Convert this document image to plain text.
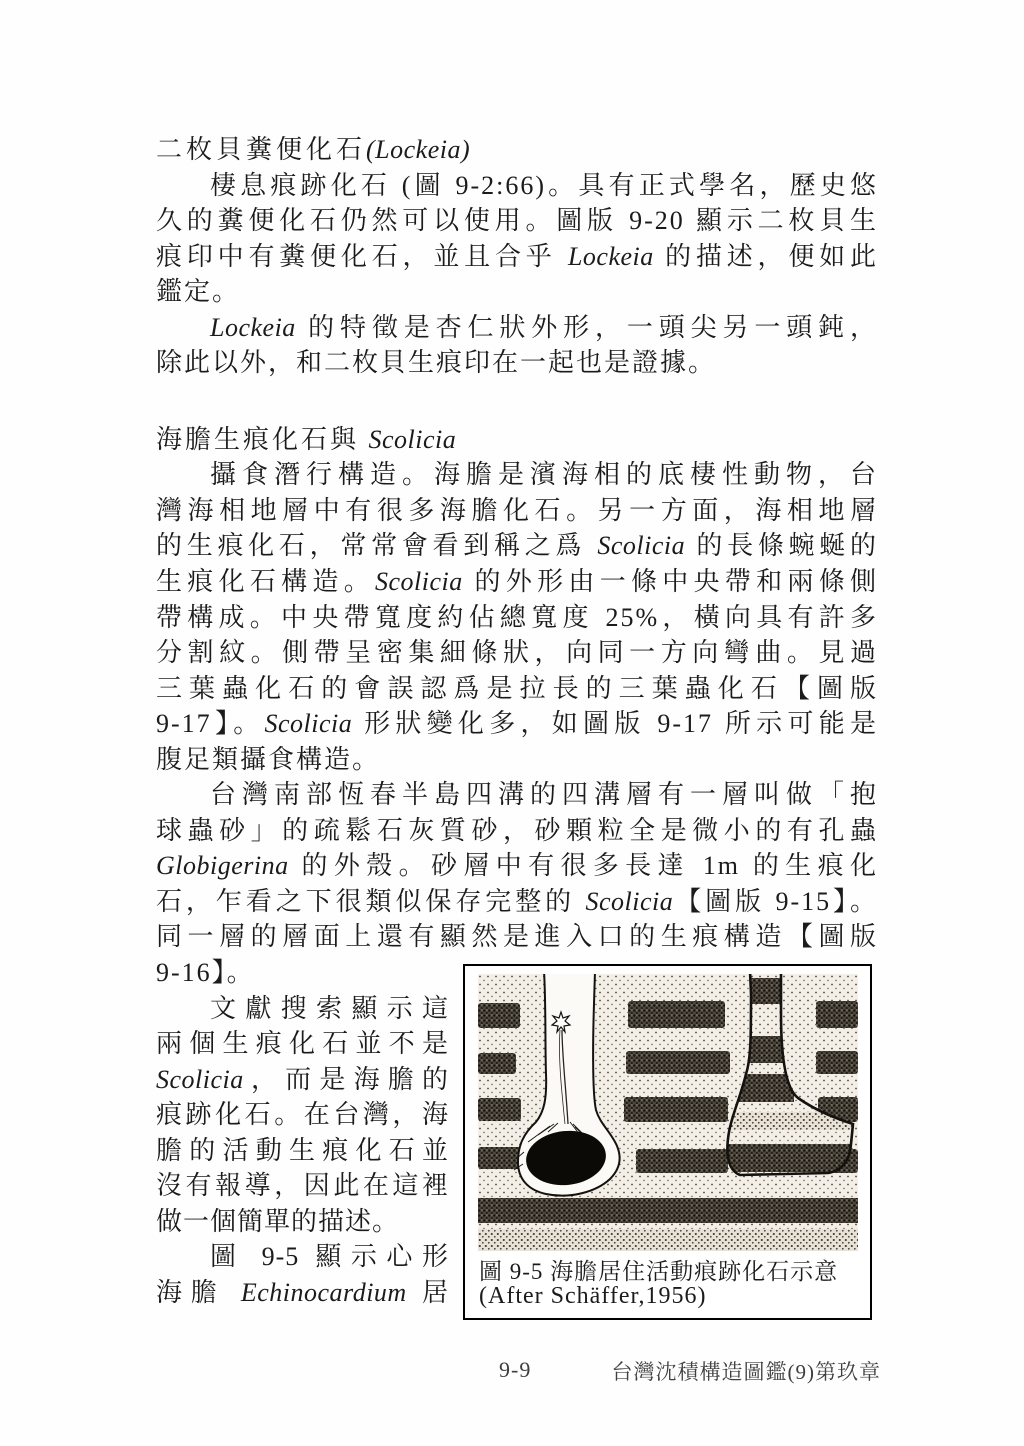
二枚貝糞便化石(Lockeia)
棲息痕跡化石 (圖 9-2:66)。具有正式學名，歷史悠
久的糞便化石仍然可以使用。圖版 9-20 顯示二枚貝生
痕印中有糞便化石，並且合乎 Lockeia 的描述，便如此
鑑定。
Lockeia 的特徵是杏仁狀外形，一頭尖另一頭鈍，
除此以外，和二枚貝生痕印在一起也是證據。
海膽生痕化石與 Scolicia
攝食潛行構造。海膽是濱海相的底棲性動物，台
灣海相地層中有很多海膽化石。另一方面，海相地層
的生痕化石，常常會看到稱之爲 Scolicia 的長條蜿蜒的
生痕化石構造。Scolicia 的外形由一條中央帶和兩條側
帶構成。中央帶寬度約佔總寬度 25%，橫向具有許多
分割紋。側帶呈密集細條狀，向同一方向彎曲。見過
三葉蟲化石的會誤認爲是拉長的三葉蟲化石【圖版
9-17】。Scolicia 形狀變化多，如圖版 9-17 所示可能是
腹足類攝食構造。
台灣南部恆春半島四溝的四溝層有一層叫做「抱
球蟲砂」的疏鬆石灰質砂，砂顆粒全是微小的有孔蟲
Globigerina 的外殼。砂層中有很多長達 1m 的生痕化
石，乍看之下很類似保存完整的 Scolicia【圖版 9-15】。
同一層的層面上還有顯然是進入口的生痕構造【圖版
9-16】。
文獻搜索顯示這
兩個生痕化石並不是
Scolicia，而是海膽的
痕跡化石。在台灣，海
膽的活動生痕化石並
沒有報導，因此在這裡
做一個簡單的描述。
圖 9-5 顯示心形
海膽 Echinocardium 居
圖 9-5 海膽居住活動痕跡化石示意
(After Schäffer,1956)
9-9	台灣沈積構造圖鑑(9)第玖章
